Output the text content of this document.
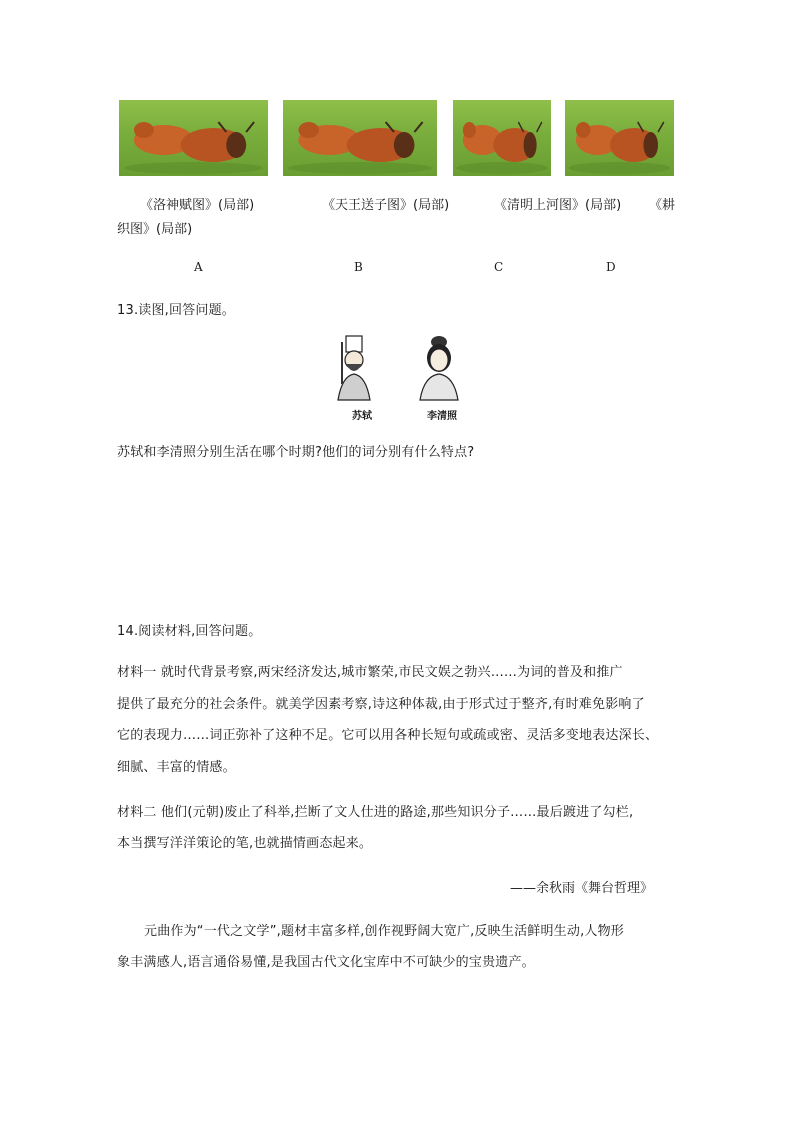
《洛神赋图》(局部)	《天王送子图》(局部)	《清明上河图》(局部) 《耕
织图》(局部)
A	B	C	D
13.读图,回答问题。
苏轼	李清照
苏轼和李清照分别生活在哪个时期?他们的词分别有什么特点?
14.阅读材料,回答问题。
材料一 就时代背景考察,两宋经济发达,城市繁荣,市民文娱之勃兴……为词的普及和推广
提供了最充分的社会条件。就美学因素考察,诗这种体裁,由于形式过于整齐,有时难免影响了
它的表现力……词正弥补了这种不足。它可以用各种长短句或疏或密、灵活多变地表达深长、
细腻、丰富的情感。
材料二 他们(元朝)废止了科举,拦断了文人仕进的路途,那些知识分子……最后踱进了勾栏,
本当撰写洋洋策论的笔,也就描情画态起来。
——余秋雨《舞台哲理》
元曲作为“一代之文学”,题材丰富多样,创作视野阔大宽广,反映生活鲜明生动,人物形
象丰满感人,语言通俗易懂,是我国古代文化宝库中不可缺少的宝贵遗产。
